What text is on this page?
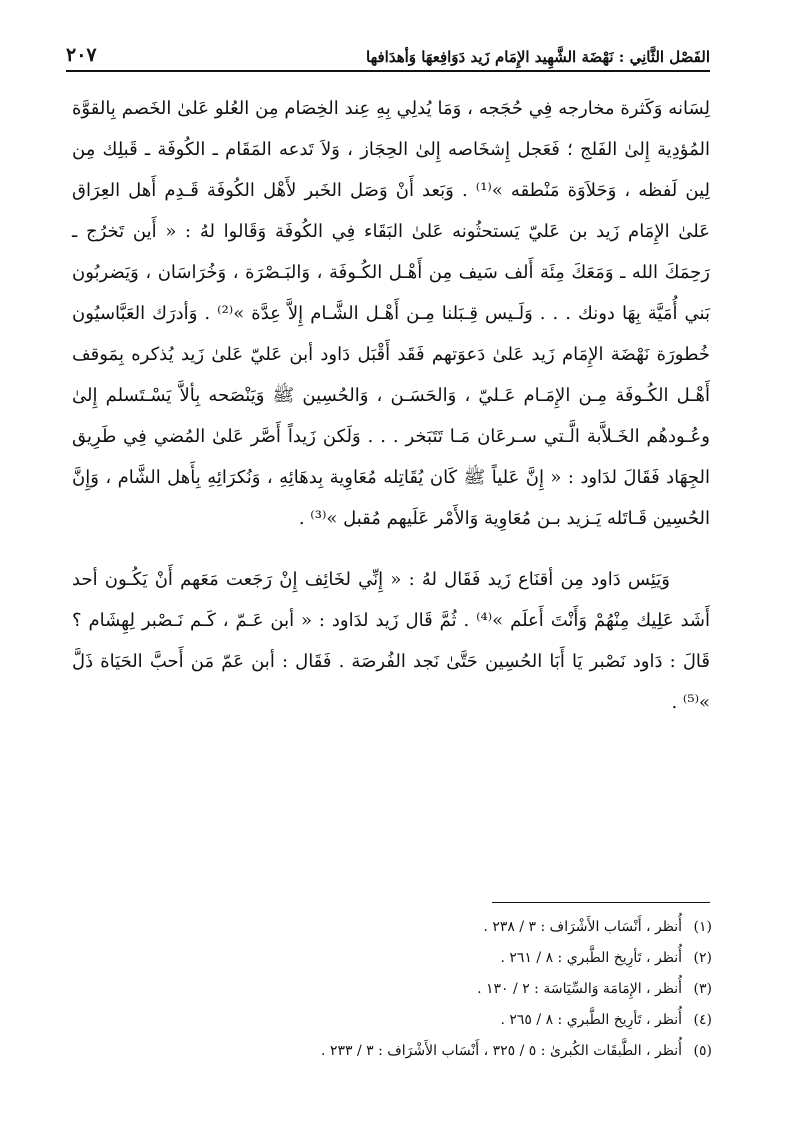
الفَصْل الثَّانِي : نَهْضَة الشَّهِيد الإِمَام زَيد دَوَافِعهَا وَأهدَافها
٢٠٧

لِسَانه وَكَثرة مخارجه فِي حُجَجه ، وَمَا يُدلِي بِهِ عِند الخِصَام مِن العُلو عَلىٰ الخَصم بِالقوَّة المُؤدِية إِلىٰ الفَلج ؛ فَعَجل إِشخَاصه إِلىٰ الحِجَاز ، وَلاَ تَدعه المَقَام ـ الكُوفَة ـ قَبلِك مِن لِين لَفظه ، وَحَلاَوَة مَنْطقه »⁽¹⁾ . وَبَعد أَنْ وَصَل الخَبر لأَهْل الكُوفَة قَـدِم أَهل العِرَاق عَلىٰ الإِمَام زَيد بن عَليّ يَستحثُونه عَلىٰ البَقَاء فِي الكُوفَة وَقَالوا لهُ : « أَين تَخرُج ـ رَحِمَكَ الله ـ وَمَعَكَ مِئَة أَلف سَيف مِن أَهْـل الكُـوفَة ، وَالبَـصْرَة ، وَخُرَاسَان ، وَيَضربُون بَني أُمَيَّة بِهَا دونك . . . وَلَـيس قِـبَلنا مِـن أَهْـل الشَّـام إِلاَّ عِدَّة »⁽²⁾ . وَأدرَك العَبَّاسيُون خُطورَة نَهْضَة الإِمَام زَيد عَلىٰ دَعوَتهم فَقَد أَقْبَل دَاود أبن عَليّ عَلىٰ زَيد يُذكره بِمَوقف أَهْـل الكُـوفَة مِـن الإِمَـام عَـليّ ، وَالحَسَـن ، وَالحُسِين ﷺ وَيَنْصَحه بِألاَّ يَسْـتَسلم إِلىٰ وعُـودهُم الخَـلاَّبة الَّـتي سـرعَان مَـا تَتَبَخر . . . وَلَكن زَيداً أَصَّر عَلىٰ المُضي فِي طَرِيق الجِهَاد فَقَالَ لدَاود : « إِنَّ عَلياً ﷺ كَان يُقَاتِله مُعَاوِية بِدهَائِهِ ، وَنُكرَائِهِ بِأَهل الشَّام ، وَإِنَّ الحُسِين قَـاتَله يَـزيد بـن مُعَاوِية وَالأَمْر عَلَيهم مُقبل »⁽³⁾ .

وَيَئِس دَاود مِن أقنَاع زَيد فَقَال لهُ : « إِنِّي لخَائِف إِنْ رَجَعت مَعَهم أَنْ يَكُـون أحد أَشَد عَلِيك مِنْهُمْ وَأَنْتَ أَعلَم »⁽⁴⁾ . ثُمَّ قَال زَيد لدَاود : « أبن عَـمّ ، كَـم نَـصْبر لِهِشَام ؟ قَالَ : دَاود نَصْبر يَا أَبَا الحُسِين حَتَّىٰ نَجد الفُرصَة . فَقَال : أبن عَمّ مَن أَحبَّ الحَيَاة ذَلَّ »⁽⁵⁾ .

(١)أُنظر ، أَنْسَاب الأَشْرَاف : ٣ / ٢٣٨ .
(٢)أُنظر ، تَأرِيخ الطَّبري : ٨ / ٢٦١ .
(٣)أُنظر ، الإِمَامَة وَالسِّيَاسَة : ٢ / ١٣٠ .
(٤)أُنظر ، تَأرِيخ الطَّبري : ٨ / ٢٦٥ .
(٥)أُنظر ، الطَّبقَات الكُبرىٰ : ٥ / ٣٢٥ ، أَنْسَاب الأَشْرَاف : ٣ / ٢٣٣ .
